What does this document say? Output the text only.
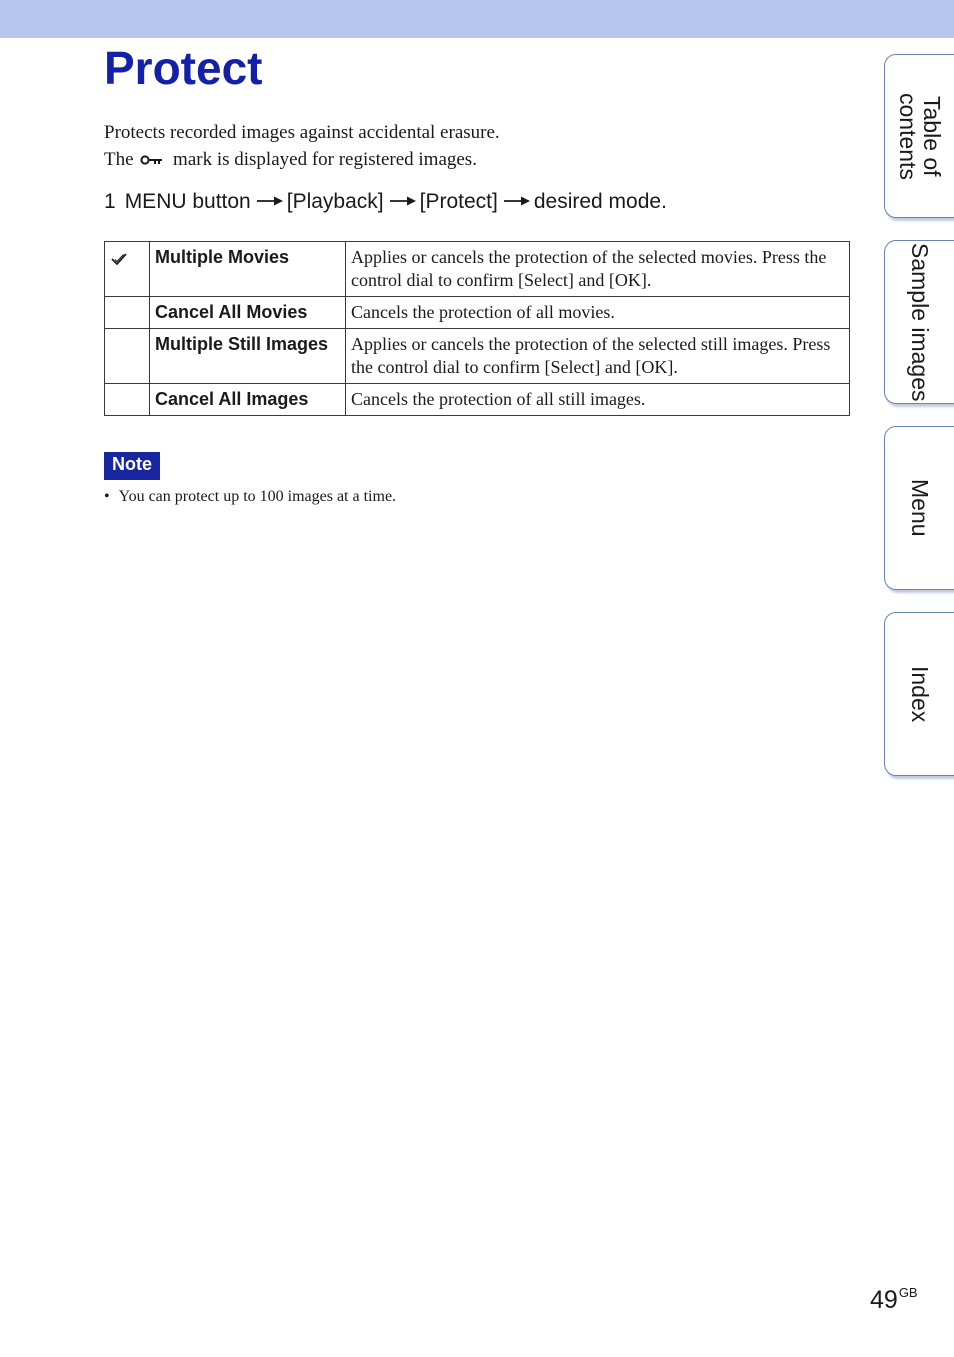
Protect
Protects recorded images against accidental erasure.
The mark is displayed for registered images.
1 MENU button [Playback] [Protect] desired mode.
	Multiple Movies	Applies or cancels the protection of the selected movies. Press the control dial to confirm [Select] and [OK].
	Cancel All Movies	Cancels the protection of all movies.
	Multiple Still Images	Applies or cancels the protection of the selected still images. Press the control dial to confirm [Select] and [OK].
	Cancel All Images	Cancels the protection of all still images.
Note
• You can protect up to 100 images at a time.
Table of contents
Sample images
Menu
Index
$49^{GB}$
